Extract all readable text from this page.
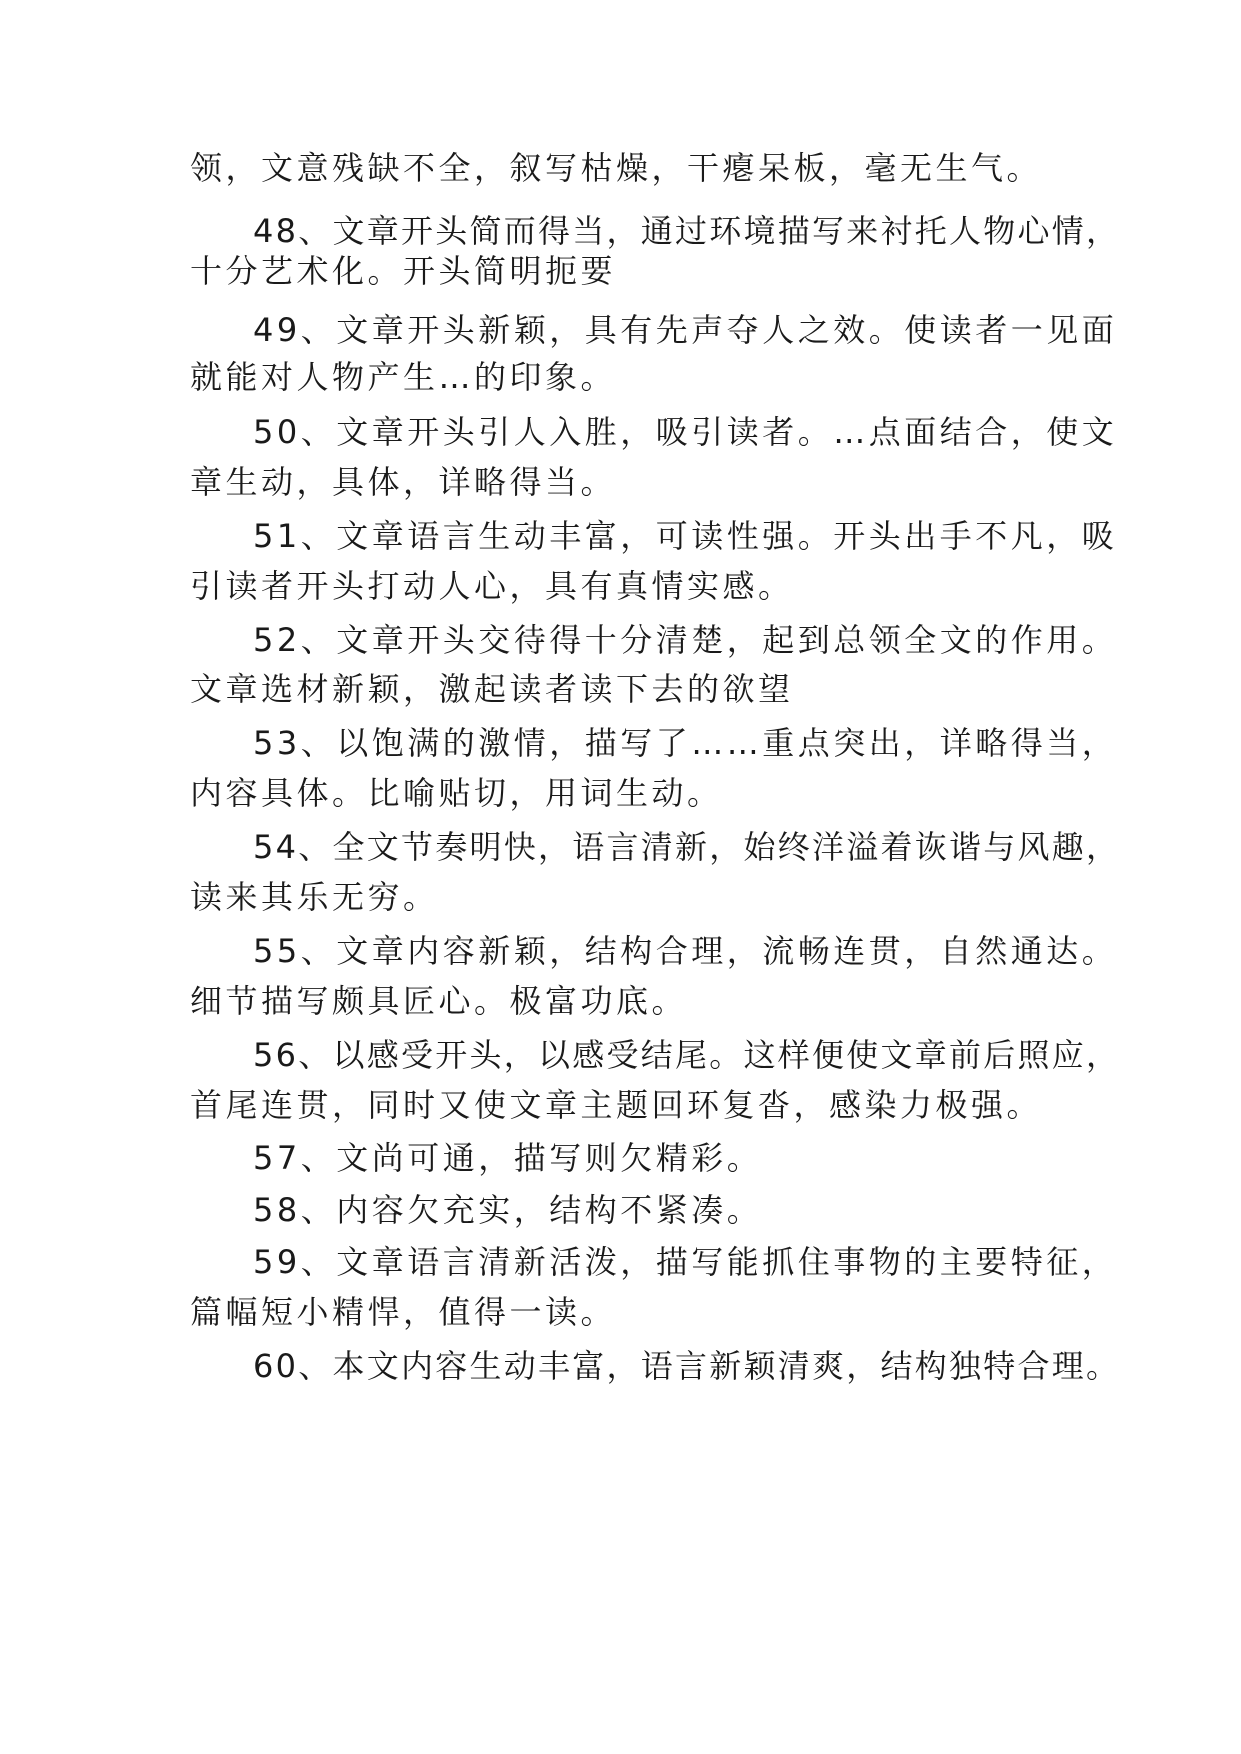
领，文意残缺不全，叙写枯燥，干瘪呆板，毫无生气。
48、文章开头简而得当，通过环境描写来衬托人物心情，
十分艺术化。开头简明扼要
49、文章开头新颖，具有先声夺人之效。使读者一见面
就能对人物产生…的印象。
50、文章开头引人入胜，吸引读者。…点面结合，使文
章生动，具体，详略得当。
51、文章语言生动丰富，可读性强。开头出手不凡，吸
引读者开头打动人心，具有真情实感。
52、文章开头交待得十分清楚，起到总领全文的作用。
文章选材新颖，激起读者读下去的欲望
53、以饱满的激情，描写了……重点突出，详略得当，
内容具体。比喻贴切，用词生动。
54、全文节奏明快，语言清新，始终洋溢着诙谐与风趣，
读来其乐无穷。
55、文章内容新颖，结构合理，流畅连贯，自然通达。
细节描写颇具匠心。极富功底。
56、以感受开头，以感受结尾。这样便使文章前后照应，
首尾连贯，同时又使文章主题回环复沓，感染力极强。
57、文尚可通，描写则欠精彩。
58、内容欠充实，结构不紧凑。
59、文章语言清新活泼，描写能抓住事物的主要特征，
篇幅短小精悍，值得一读。
60、本文内容生动丰富，语言新颖清爽，结构独特合理。
